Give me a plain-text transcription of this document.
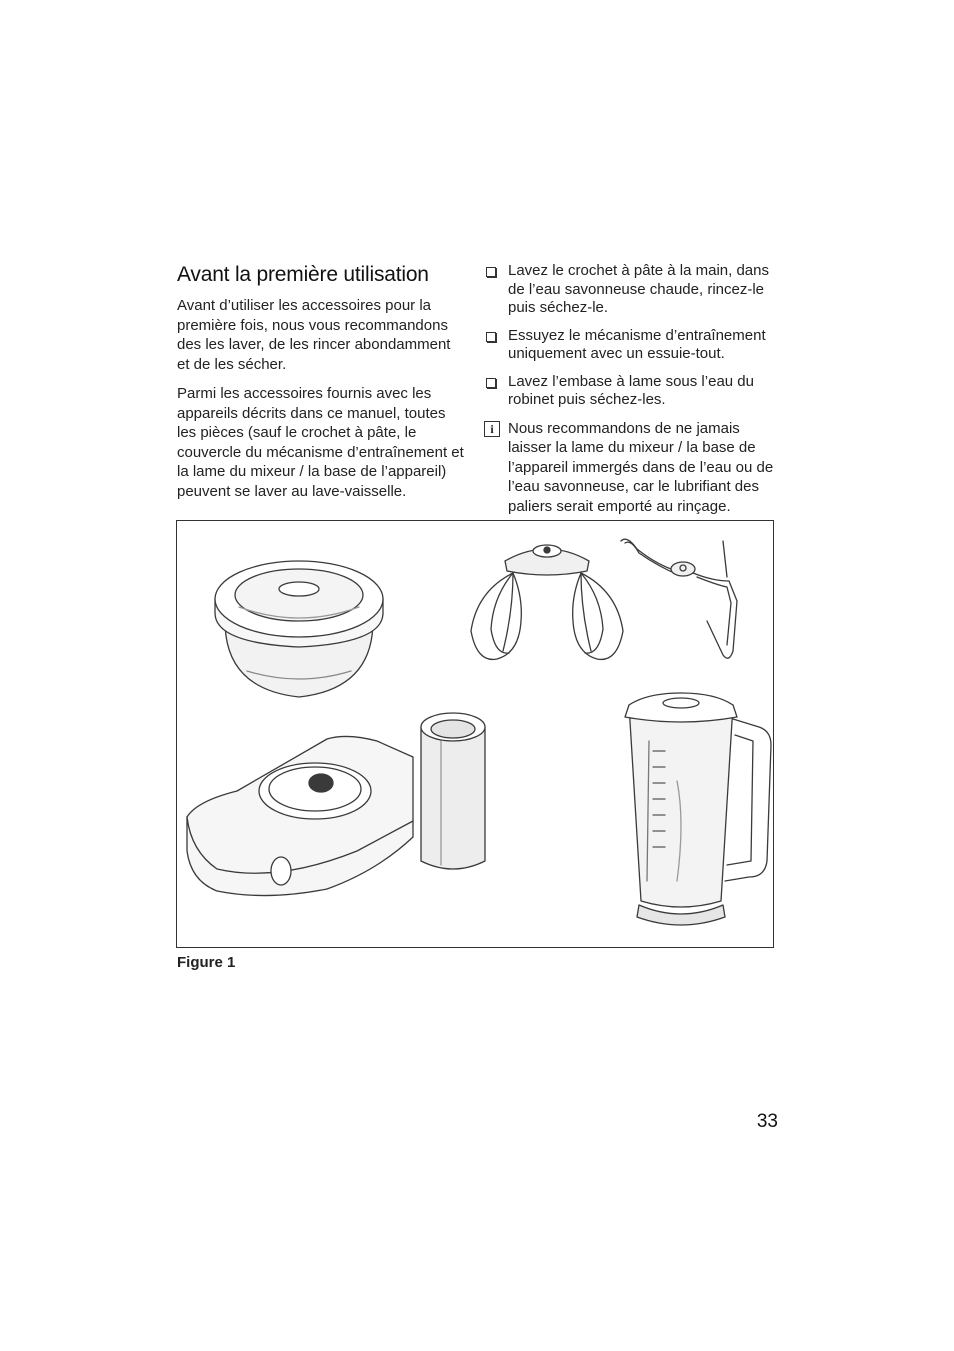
Avant la première utilisation

Avant d’utiliser les accessoires pour la première fois, nous vous recommandons des les laver, de les rincer abondamment et de les sécher.

Parmi les accessoires fournis avec les appareils décrits dans ce manuel, toutes les pièces (sauf le crochet à pâte, le couvercle du mécanisme d’entraînement et la lame du mixeur / la base de l’appareil) peuvent se laver au lave-vaisselle.

Lavez le crochet à pâte à la main, dans de l’eau savonneuse chaude, rincez-le puis séchez-le.
Essuyez le mécanisme d’entraînement uniquement avec un essuie-tout.
Lavez l’embase à lame sous l’eau du robinet puis séchez-les.
i Nous recommandons de ne jamais laisser la lame du mixeur / la base de l’appareil immergés dans de l’eau ou de l’eau savonneuse, car le lubrifiant des paliers serait emporté au rinçage.
Figure 1
33
